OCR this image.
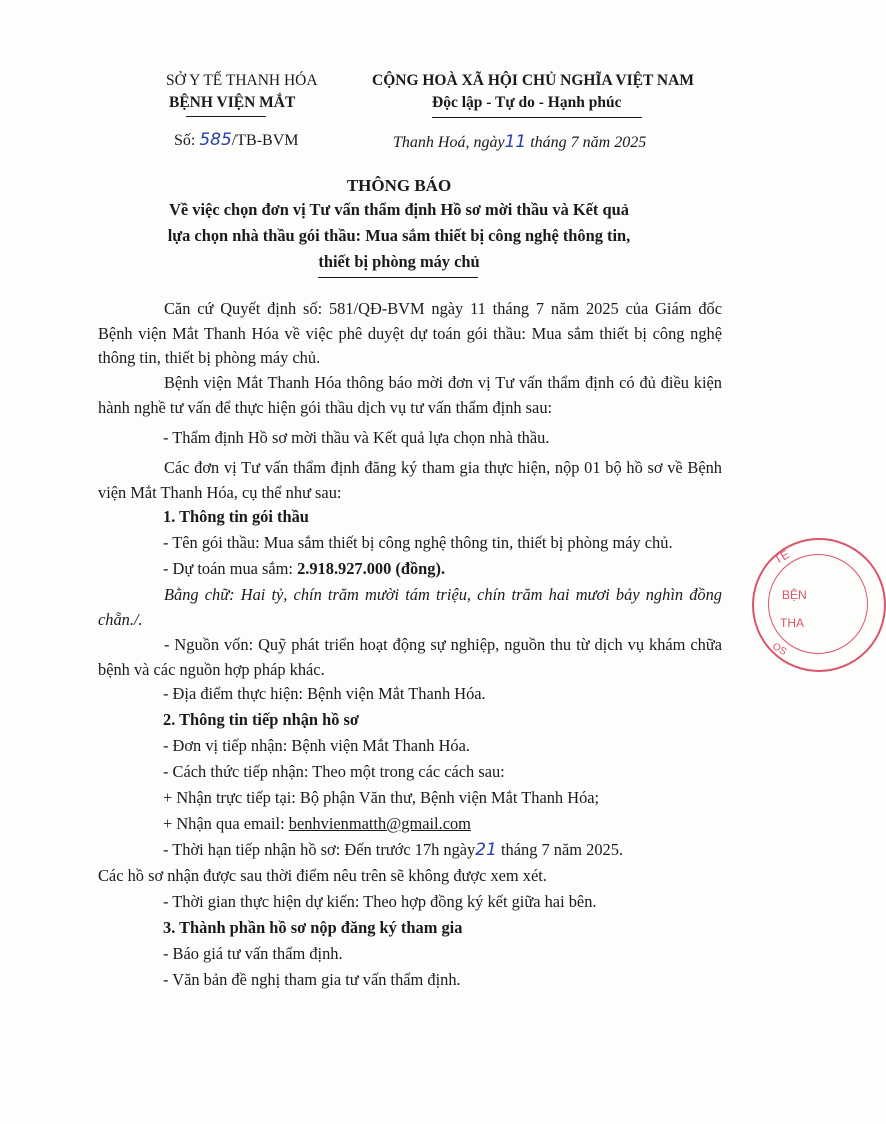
SỞ Y TẾ THANH HÓA
BỆNH VIỆN MẮT
CỘNG HOÀ XÃ HỘI CHỦ NGHĨA VIỆT NAM
Độc lập - Tự do - Hạnh phúc
Số: 585/TB-BVM	Thanh Hoá, ngày11 tháng 7 năm 2025
THÔNG BÁO
Về việc chọn đơn vị Tư vấn thẩm định Hồ sơ mời thầu và Kết quả
lựa chọn nhà thầu gói thầu: Mua sắm thiết bị công nghệ thông tin,
thiết bị phòng máy chủ
Căn cứ Quyết định số: 581/QĐ-BVM ngày 11 tháng 7 năm 2025 của Giám đốc Bệnh viện Mắt Thanh Hóa về việc phê duyệt dự toán gói thầu: Mua sắm thiết bị công nghệ thông tin, thiết bị phòng máy chủ.
Bệnh viện Mắt Thanh Hóa thông báo mời đơn vị Tư vấn thẩm định có đủ điều kiện hành nghề tư vấn để thực hiện gói thầu dịch vụ tư vấn thẩm định sau:
- Thẩm định Hồ sơ mời thầu và Kết quả lựa chọn nhà thầu.
Các đơn vị Tư vấn thẩm định đăng ký tham gia thực hiện, nộp 01 bộ hồ sơ về Bệnh viện Mắt Thanh Hóa, cụ thể như sau:
1. Thông tin gói thầu
- Tên gói thầu: Mua sắm thiết bị công nghệ thông tin, thiết bị phòng máy chủ.
- Dự toán mua sắm: 2.918.927.000 (đồng).
Bằng chữ: Hai tỷ, chín trăm mười tám triệu, chín trăm hai mươi bảy nghìn đồng chẵn./.
- Nguồn vốn: Quỹ phát triển hoạt động sự nghiệp, nguồn thu từ dịch vụ khám chữa bệnh và các nguồn hợp pháp khác.
- Địa điểm thực hiện: Bệnh viện Mắt Thanh Hóa.
2. Thông tin tiếp nhận hồ sơ
- Đơn vị tiếp nhận: Bệnh viện Mắt Thanh Hóa.
- Cách thức tiếp nhận: Theo một trong các cách sau:
+ Nhận trực tiếp tại: Bộ phận Văn thư, Bệnh viện Mắt Thanh Hóa;
+ Nhận qua email: benhvienmatth@gmail.com
- Thời hạn tiếp nhận hồ sơ: Đến trước 17h ngày21 tháng 7 năm 2025.
Các hồ sơ nhận được sau thời điểm nêu trên sẽ không được xem xét.
- Thời gian thực hiện dự kiến: Theo hợp đồng ký kết giữa hai bên.
3. Thành phần hồ sơ nộp đăng ký tham gia
- Báo giá tư vấn thẩm định.
- Văn bản đề nghị tham gia tư vấn thẩm định.
TẾ
BỆN
THA
OS
